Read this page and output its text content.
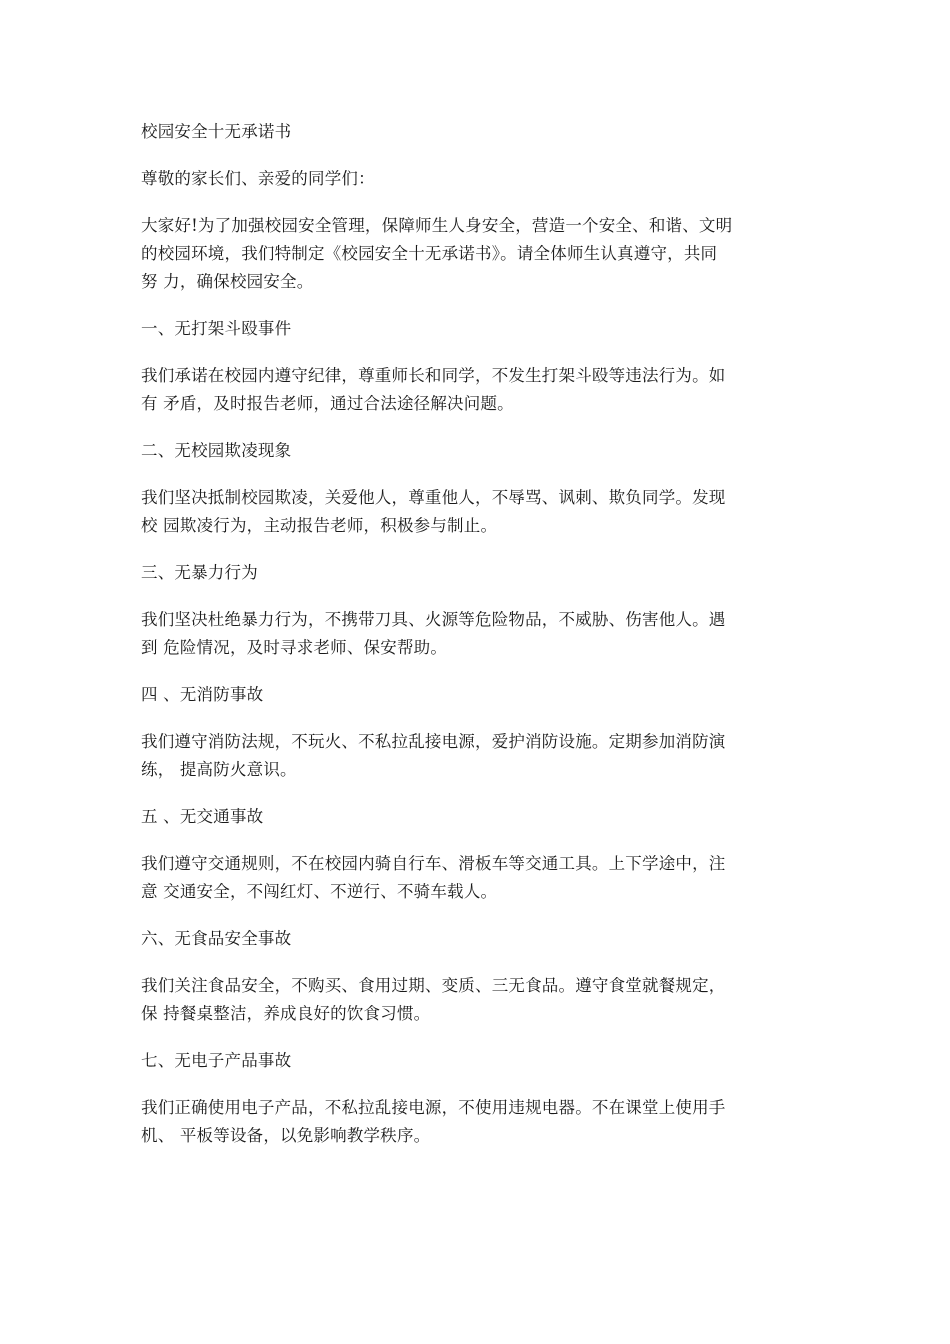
校园安全十无承诺书
尊敬的家长们、亲爱的同学们：
大家好!为了加强校园安全管理，保障师生人身安全，营造一个安全、和谐、文明
的校园环境，我们特制定《校园安全十无承诺书》。请全体师生认真遵守，共同
努 力，确保校园安全。
一、无打架斗殴事件
我们承诺在校园内遵守纪律，尊重师长和同学，不发生打架斗殴等违法行为。如
有 矛盾，及时报告老师，通过合法途径解决问题。
二、无校园欺凌现象
我们坚决抵制校园欺凌，关爱他人，尊重他人，不辱骂、讽刺、欺负同学。发现
校 园欺凌行为，主动报告老师，积极参与制止。
三、无暴力行为
我们坚决杜绝暴力行为，不携带刀具、火源等危险物品，不威胁、伤害他人。遇
到 危险情况，及时寻求老师、保安帮助。
四 、无消防事故
我们遵守消防法规，不玩火、不私拉乱接电源，爱护消防设施。定期参加消防演
练， 提高防火意识。
五 、无交通事故
我们遵守交通规则，不在校园内骑自行车、滑板车等交通工具。上下学途中，注
意 交通安全，不闯红灯、不逆行、不骑车载人。
六、无食品安全事故
我们关注食品安全，不购买、食用过期、变质、三无食品。遵守食堂就餐规定，
保 持餐桌整洁，养成良好的饮食习惯。
七、无电子产品事故
我们正确使用电子产品，不私拉乱接电源，不使用违规电器。不在课堂上使用手
机、 平板等设备，以免影响教学秩序。
